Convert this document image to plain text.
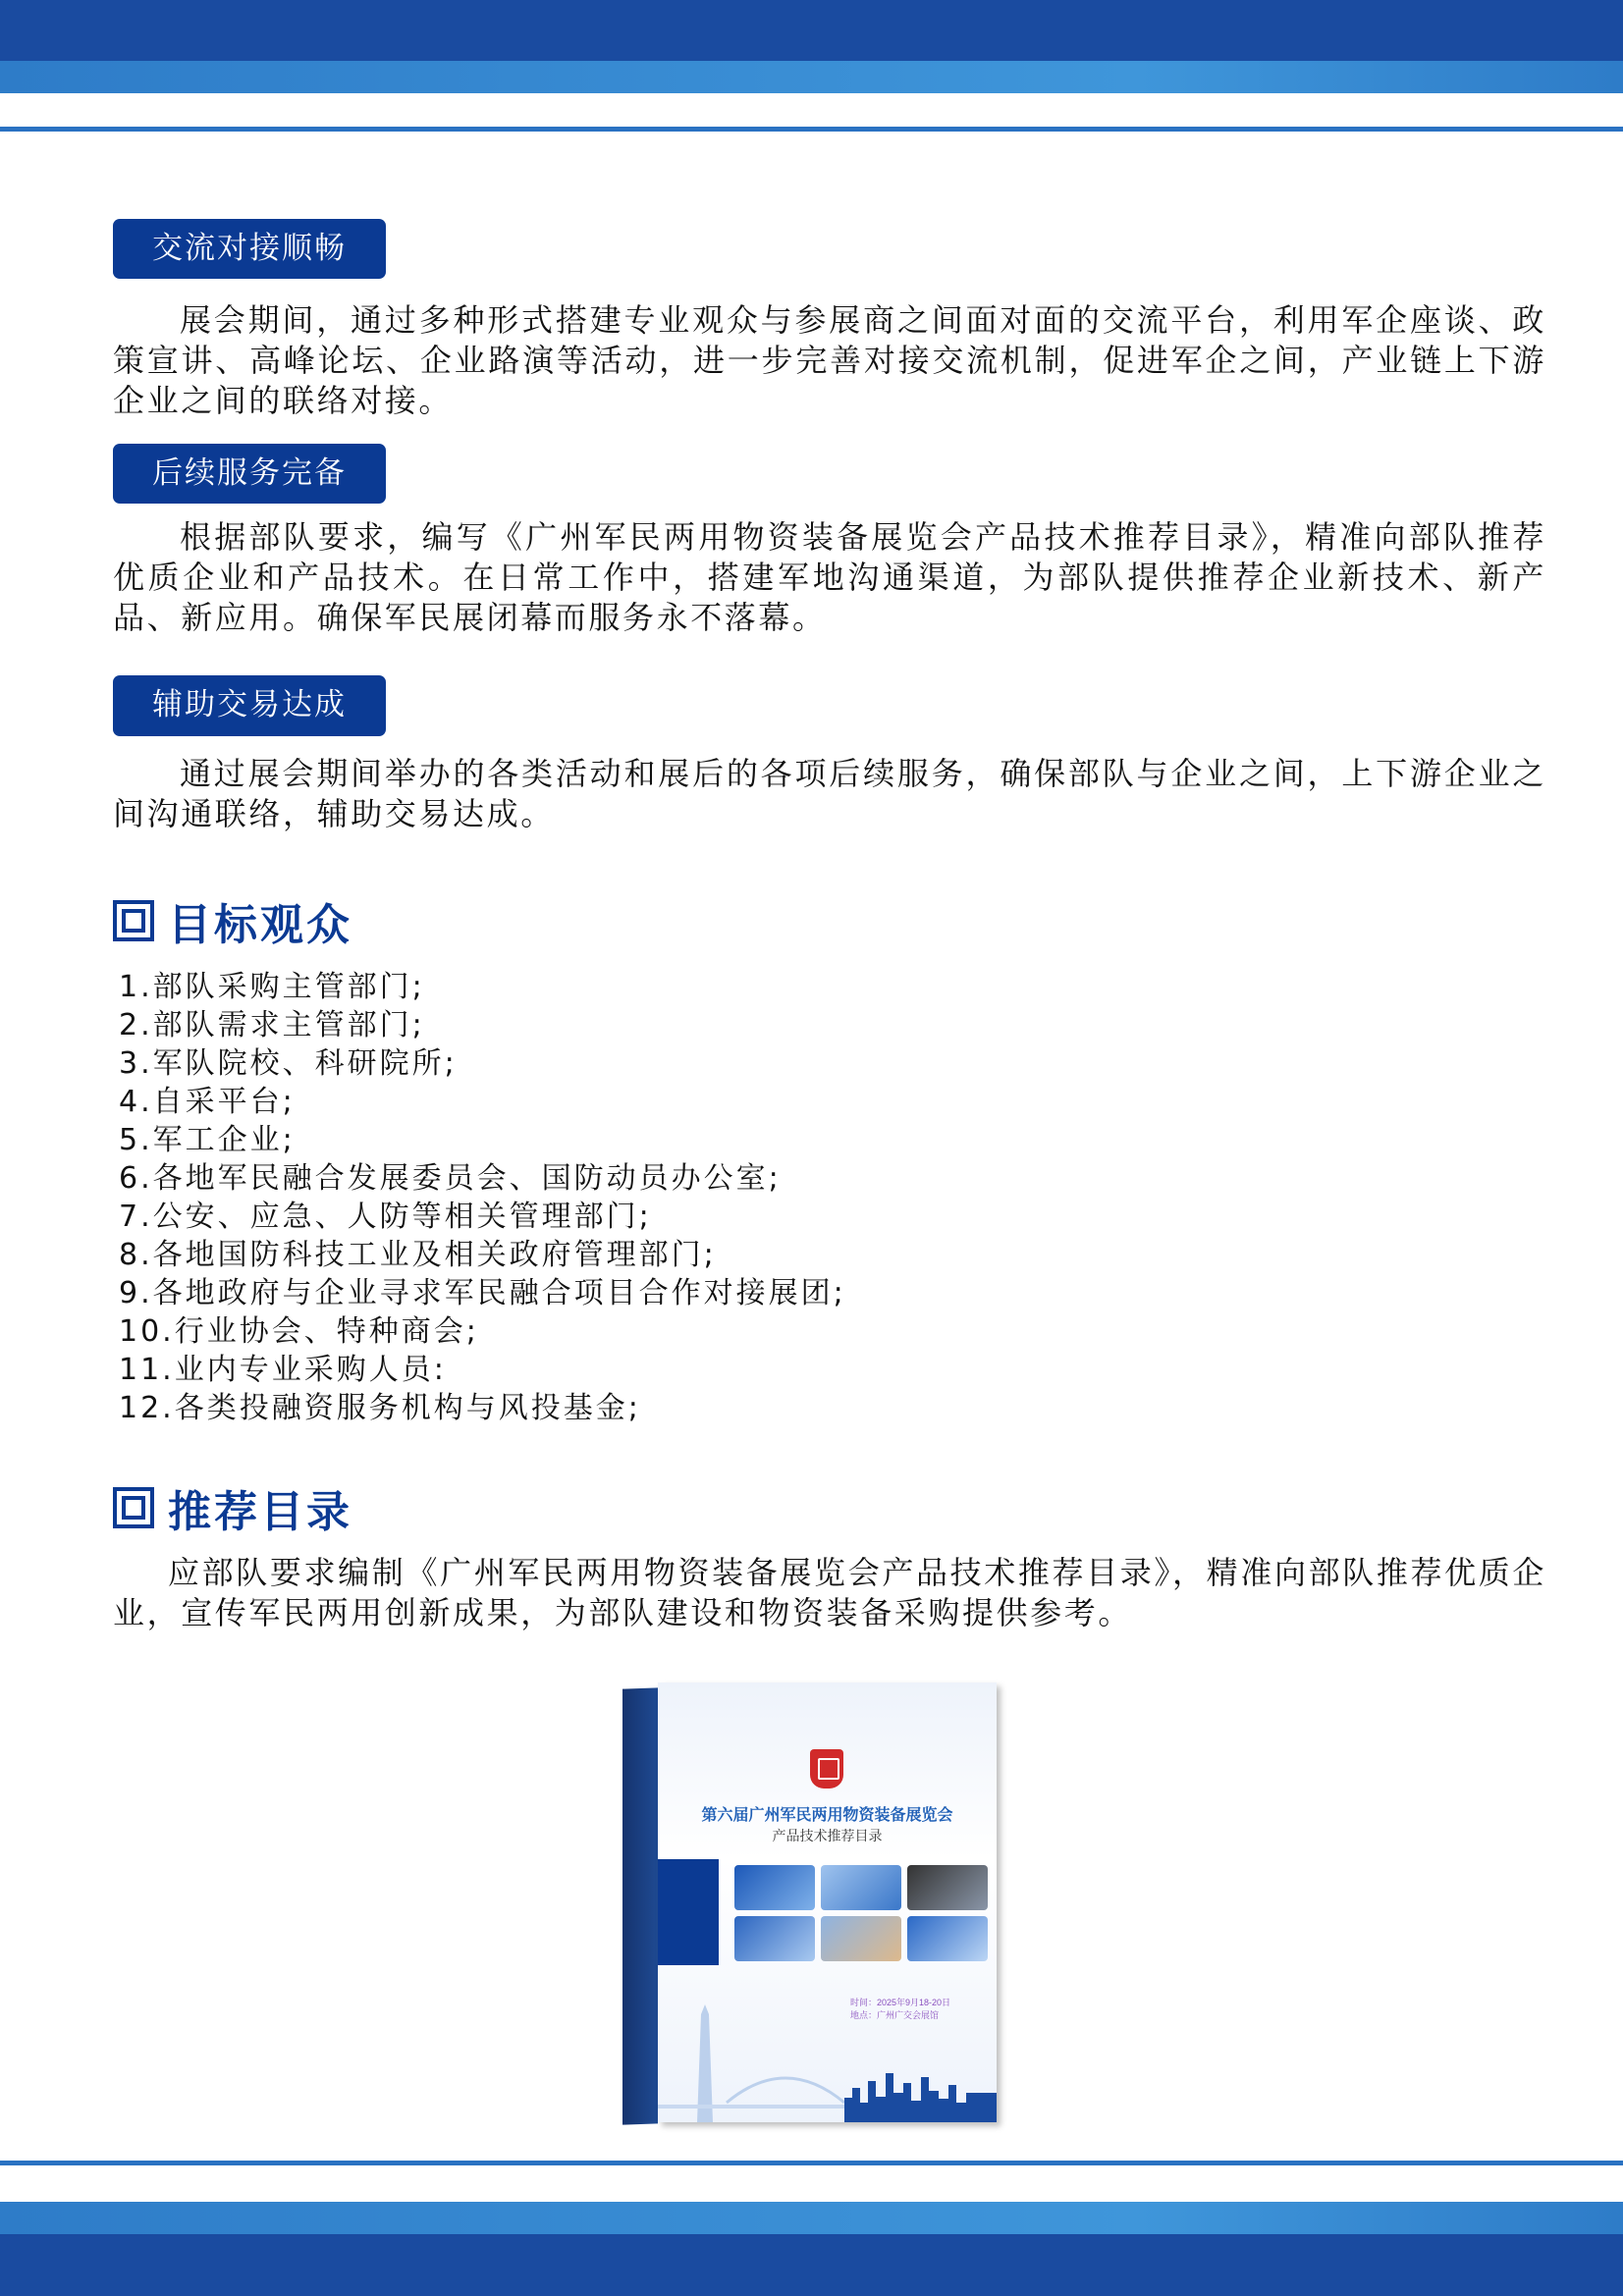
交流对接顺畅

展会期间，通过多种形式搭建专业观众与参展商之间面对面的交流平台，利用军企座谈、政策宣讲、高峰论坛、企业路演等活动，进一步完善对接交流机制，促进军企之间，产业链上下游企业之间的联络对接。

后续服务完备

根据部队要求，编写《广州军民两用物资装备展览会产品技术推荐目录》，精准向部队推荐优质企业和产品技术。在日常工作中，搭建军地沟通渠道，为部队提供推荐企业新技术、新产品、新应用。确保军民展闭幕而服务永不落幕。

辅助交易达成

通过展会期间举办的各类活动和展后的各项后续服务，确保部队与企业之间，上下游企业之间沟通联络，辅助交易达成。

目标观众
1.部队采购主管部门;
2.部队需求主管部门;
3.军队院校、科研院所;
4.自采平台;
5.军工企业;
6.各地军民融合发展委员会、国防动员办公室;
7.公安、应急、人防等相关管理部门;
8.各地国防科技工业及相关政府管理部门;
9.各地政府与企业寻求军民融合项目合作对接展团;
10.行业协会、特种商会;
11.业内专业采购人员:
12.各类投融资服务机构与风投基金;
推荐目录

应部队要求编制《广州军民两用物资装备展览会产品技术推荐目录》，精准向部队推荐优质企业，宣传军民两用创新成果，为部队建设和物资装备采购提供参考。

第六届广州军民两用物资装备展览会
产品技术推荐目录
时间：2025年9月18-20日
地点：广州广交会展馆
